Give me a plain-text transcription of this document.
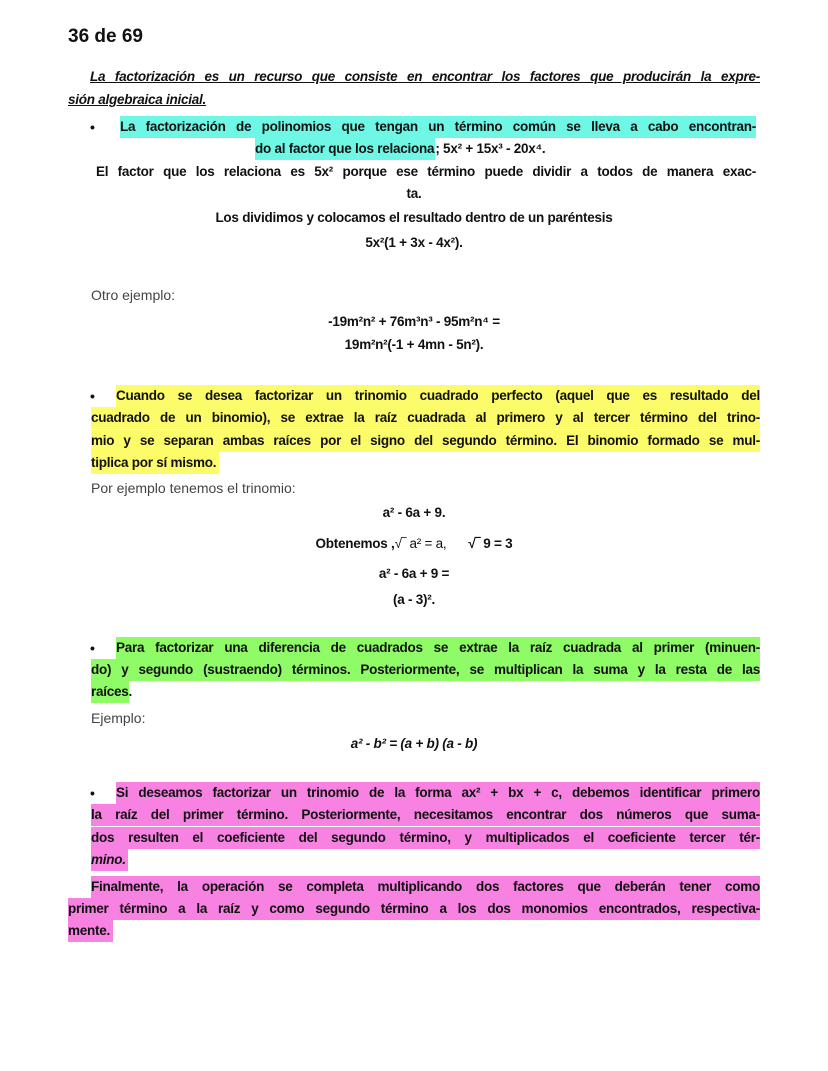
36 de 69
La factorización es un recurso que consiste en encontrar los factores que producirán la expre-
sión algebraica inicial.
• La factorización de polinomios que tengan un término común se lleva a cabo encontran-
do al factor que los relaciona; 5x² + 15x³ - 20x⁴.
El factor que los relaciona es 5x² porque ese término puede dividir a todos de manera exac-
ta.
Los dividimos y colocamos el resultado dentro de un paréntesis
5x²(1 + 3x - 4x²).
Otro ejemplo:
-19m²n² + 76m³n³ - 95m²n⁴ =
19m²n²(-1 + 4mn - 5n²).
• Cuando se desea factorizar un trinomio cuadrado perfecto (aquel que es resultado del
cuadrado de un binomio), se extrae la raíz cuadrada al primero y al tercer término del trino-
mio y se separan ambas raíces por el signo del segundo término. El binomio formado se mul-
tiplica por sí mismo.
Por ejemplo tenemos el trinomio:
a² - 6a + 9.
Obtenemos ,√‾ a² = a, √‾ 9 = 3
a² - 6a + 9 =
(a - 3)².
• Para factorizar una diferencia de cuadrados se extrae la raíz cuadrada al primer (minuen-
do) y segundo (sustraendo) términos. Posteriormente, se multiplican la suma y la resta de las
raíces.
Ejemplo:
a² - b² = (a + b) (a - b)
• Si deseamos factorizar un trinomio de la forma ax² + bx + c, debemos identificar primero
la raíz del primer término. Posteriormente, necesitamos encontrar dos números que suma-
dos resulten el coeficiente del segundo término, y multiplicados el coeficiente tercer tér-
mino.
Finalmente, la operación se completa multiplicando dos factores que deberán tener como
primer término a la raíz y como segundo término a los dos monomios encontrados, respectiva-
mente.
